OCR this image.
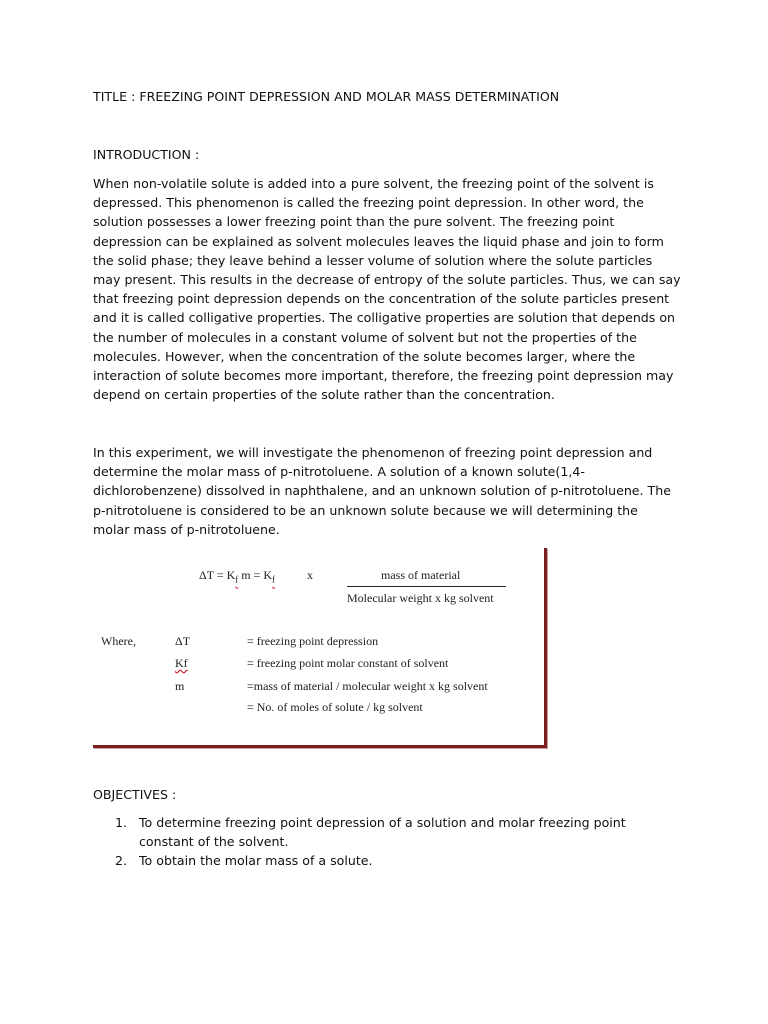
TITLE : FREEZING POINT DEPRESSION AND MOLAR MASS DETERMINATION
INTRODUCTION :
When non-volatile solute is added into a pure solvent, the freezing point of the solvent is
depressed. This phenomenon is called the freezing point depression. In other word, the
solution possesses a lower freezing point than the pure solvent. The freezing point
depression can be explained as solvent molecules leaves the liquid phase and join to form
the solid phase; they leave behind a lesser volume of solution where the solute particles
may present. This results in the decrease of entropy of the solute particles. Thus, we can say
that freezing point depression depends on the concentration of the solute particles present
and it is called colligative properties. The colligative properties are solution that depends on
the number of molecules in a constant volume of solvent but not the properties of the
molecules. However, when the concentration of the solute becomes larger, where the
interaction of solute becomes more important, therefore, the freezing point depression may
depend on certain properties of the solute rather than the concentration.
In this experiment, we will investigate the phenomenon of freezing point depression and
determine the molar mass of p-nitrotoluene. A solution of a known solute(1,4-
dichlorobenzene) dissolved in naphthalene, and an unknown solution of p-nitrotoluene. The
p-nitrotoluene is considered to be an unknown solute because we will determining the
molar mass of p-nitrotoluene.
$\Delta T = K_f$ $m = K_f$	x	mass of material
Molecular weight x kg solvent
Where,	ΔT	= freezing point depression
Kf	= freezing point molar constant of solvent
m	=mass of material / molecular weight x kg solvent
= No. of moles of solute / kg solvent
OBJECTIVES :
1. To determine freezing point depression of a solution and molar freezing point
constant of the solvent.
2. To obtain the molar mass of a solute.
